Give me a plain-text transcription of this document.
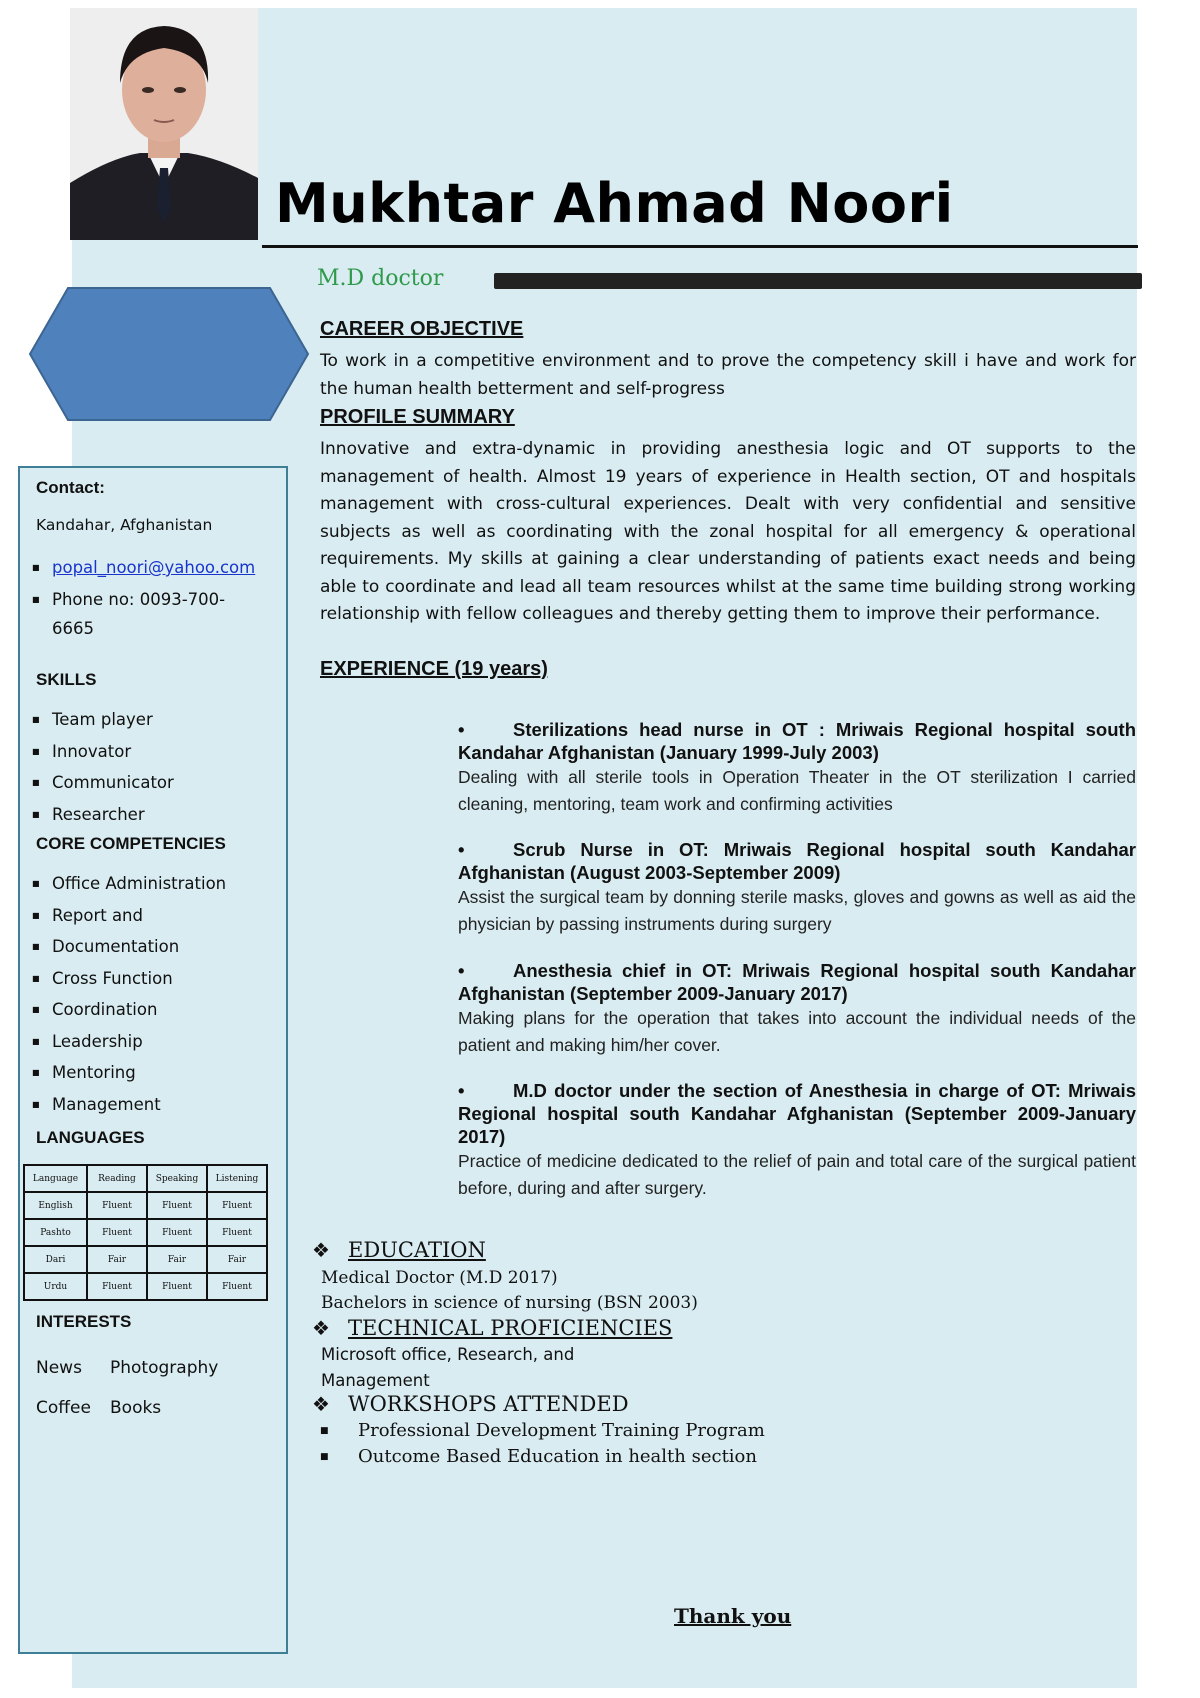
Mukhtar Ahmad Noori
M.D doctor
Contact:
Kandahar, Afghanistan
■ popal_noori@yahoo.com
■ Phone no: 0093-700-
6665
SKILLS
■ Team player
■ Innovator
■ Communicator
■ Researcher
CORE COMPETENCIES
■ Office Administration
■ Report and
■ Documentation
■ Cross Function
■ Coordination
■ Leadership
■ Mentoring
■ Management
LANGUAGES
Language	Reading	Speaking	Listening
English	Fluent	Fluent	Fluent
Pashto	Fluent	Fluent	Fluent
Dari	Fair	Fair	Fair
Urdu	Fluent	Fluent	Fluent
INTERESTS
News	Photography
Coffee	Books
CAREER OBJECTIVE
To work in a competitive environment and to prove the competency skill i have and work for the human health betterment and self-progress
PROFILE SUMMARY
Innovative and extra-dynamic in providing anesthesia logic and OT supports to the management of health. Almost 19 years of experience in Health section, OT and hospitals management with cross-cultural experiences. Dealt with very confidential and sensitive subjects as well as coordinating with the zonal hospital for all emergency & operational requirements. My skills at gaining a clear understanding of patients exact needs and being able to coordinate and lead all team resources whilst at the same time building strong working relationship with fellow colleagues and thereby getting them to improve their performance.
EXPERIENCE (19 years)
•	Sterilizations head nurse in OT : Mriwais Regional hospital south Kandahar Afghanistan (January 1999-July 2003)
Dealing with all sterile tools in Operation Theater in the OT sterilization I carried cleaning, mentoring, team work and confirming activities
•	Scrub Nurse in OT: Mriwais Regional hospital south Kandahar Afghanistan (August 2003-September 2009)
Assist the surgical team by donning sterile masks, gloves and gowns as well as aid the physician by passing instruments during surgery
•	Anesthesia chief in OT: Mriwais Regional hospital south Kandahar Afghanistan (September 2009-January 2017)
Making plans for the operation that takes into account the individual needs of the patient and making him/her cover.
•	M.D doctor under the section of Anesthesia in charge of OT: Mriwais Regional hospital south Kandahar Afghanistan (September 2009-January 2017)
Practice of medicine dedicated to the relief of pain and total care of the surgical patient before, during and after surgery.
❖ EDUCATION
Medical Doctor (M.D 2017)
Bachelors in science of nursing (BSN 2003)
❖ TECHNICAL PROFICIENCIES
Microsoft office, Research, and
Management
❖ WORKSHOPS ATTENDED
■ Professional Development Training Program
■ Outcome Based Education in health section
Thank you
